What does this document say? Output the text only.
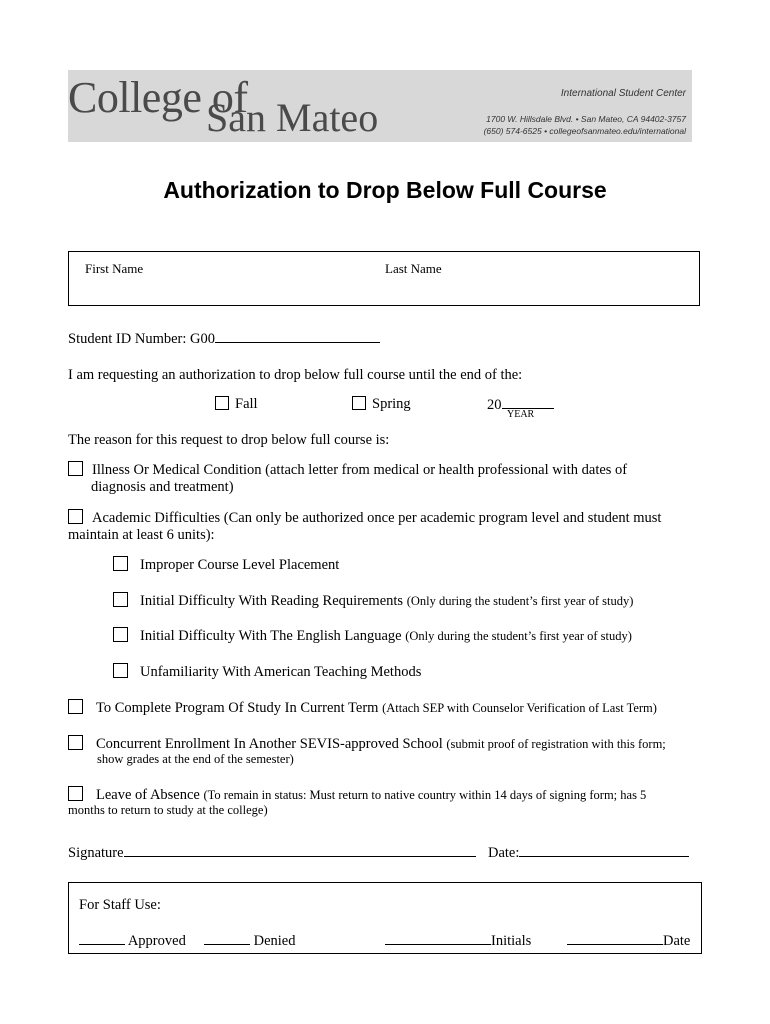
College of
San Mateo
International Student Center
1700 W. Hillsdale Blvd. • San Mateo, CA 94402-3757
(650) 574-6525 • collegeofsanmateo.edu/international
Authorization to Drop Below Full Course
First Name	Last Name
Student ID Number: G00
I am requesting an authorization to drop below full course until the end of the:
Fall	Spring	20
YEAR
The reason for this request to drop below full course is:
Illness Or Medical Condition (attach letter from medical or health professional with dates of
diagnosis and treatment)
Academic Difficulties (Can only be authorized once per academic program level and student must
maintain at least 6 units):
Improper Course Level Placement
Initial Difficulty With Reading Requirements (Only during the student’s first year of study)
Initial Difficulty With The English Language (Only during the student’s first year of study)
Unfamiliarity With American Teaching Methods
To Complete Program Of Study In Current Term (Attach SEP with Counselor Verification of Last Term)
Concurrent Enrollment In Another SEVIS-approved School (submit proof of registration with this form;
show grades at the end of the semester)
Leave of Absence (To remain in status: Must return to native country within 14 days of signing form; has 5
months to return to study at the college)
Signature	Date:
For Staff Use:
Approved	Denied	Initials	Date
